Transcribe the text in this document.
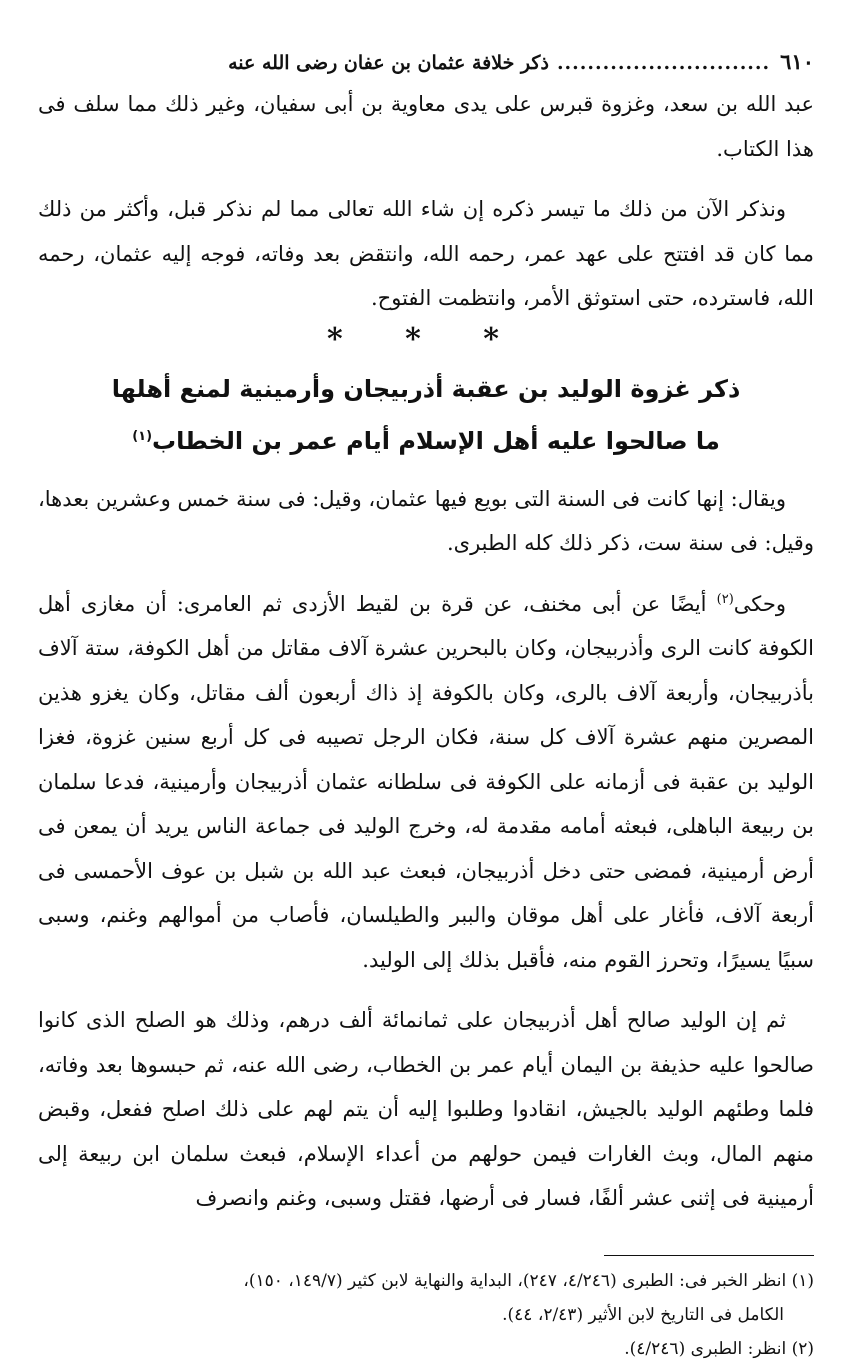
٦١٠
............................
ذكر خلافة عثمان بن عفان رضى الله عنه

عبد الله بن سعد، وغزوة قبرس على يدى معاوية بن أبى سفيان، وغير ذلك مما سلف فى هذا الكتاب.

ونذكر الآن من ذلك ما تيسر ذكره إن شاء الله تعالى مما لم نذكر قبل، وأكثر من ذلك مما كان قد افتتح على عهد عمر، رحمه الله، وانتقض بعد وفاته، فوجه إليه عثمان، رحمه الله، فاسترده، حتى استوثق الأمر، وانتظمت الفتوح.

* * *
ذكر غزوة الوليد بن عقبة أذربيجان وأرمينية لمنع أهلها
ما صالحوا عليه أهل الإسلام أيام عمر بن الخطاب$^{(١)}$

ويقال: إنها كانت فى السنة التى بويع فيها عثمان، وقيل: فى سنة خمس وعشرين بعدها، وقيل: فى سنة ست، ذكر ذلك كله الطبرى.

وحكى$^{(٢)}$ أيضًا عن أبى مخنف، عن قرة بن لقيط الأزدى ثم العامرى: أن مغازى أهل الكوفة كانت الرى وأذربيجان، وكان بالبحرين عشرة آلاف مقاتل من أهل الكوفة، ستة آلاف بأذربيجان، وأربعة آلاف بالرى، وكان بالكوفة إذ ذاك أربعون ألف مقاتل، وكان يغزو هذين المصرين منهم عشرة آلاف كل سنة، فكان الرجل تصيبه فى كل أربع سنين غزوة، فغزا الوليد بن عقبة فى أزمانه على الكوفة فى سلطانه عثمان أذربيجان وأرمينية، فدعا سلمان بن ربيعة الباهلى، فبعثه أمامه مقدمة له، وخرج الوليد فى جماعة الناس يريد أن يمعن فى أرض أرمينية، فمضى حتى دخل أذربيجان، فبعث عبد الله بن شبل بن عوف الأحمسى فى أربعة آلاف، فأغار على أهل موقان والببر والطيلسان، فأصاب من أموالهم وغنم، وسبى سبيًا يسيرًا، وتحرز القوم منه، فأقبل بذلك إلى الوليد.

ثم إن الوليد صالح أهل أذربيجان على ثمانمائة ألف درهم، وذلك هو الصلح الذى كانوا صالحوا عليه حذيفة بن اليمان أيام عمر بن الخطاب، رضى الله عنه، ثم حبسوها بعد وفاته، فلما وطئهم الوليد بالجيش، انقادوا وطلبوا إليه أن يتم لهم على ذلك اصلح ففعل، وقبض منهم المال، وبث الغارات فيمن حولهم من أعداء الإسلام، فبعث سلمان ابن ربيعة إلى أرمينية فى إثنى عشر ألفًا، فسار فى أرضها، فقتل وسبى، وغنم وانصرف

(١) انظر الخبر فى: الطبرى (٤/٢٤٦، ٢٤٧)، البداية والنهاية لابن كثير (١٤٩/٧، ١٥٠)،

الكامل فى التاريخ لابن الأثير (٢/٤٣، ٤٤).

(٢) انظر: الطبرى (٤/٢٤٦).
